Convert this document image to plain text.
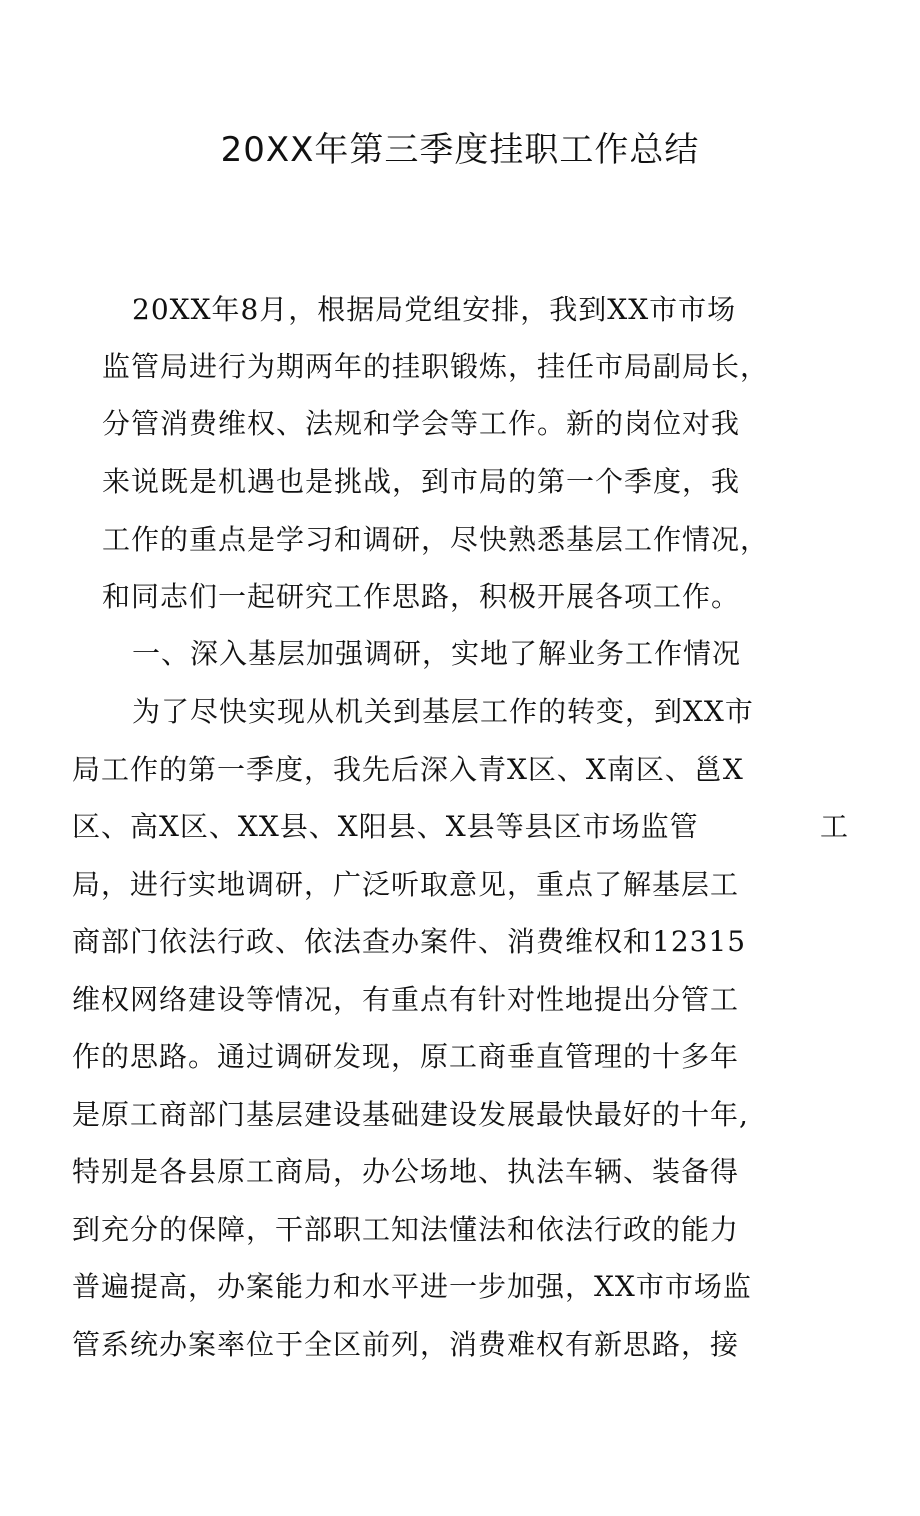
20XX年第三季度挂职工作总结
20XX年8月，根据局党组安排，我到XX市市场
监管局进行为期两年的挂职锻炼，挂任市局副局长，
分管消费维权、法规和学会等工作。新的岗位对我
来说既是机遇也是挑战，到市局的第一个季度，我
工作的重点是学习和调研，尽快熟悉基层工作情况，
和同志们一起研究工作思路，积极开展各项工作。
一、深入基层加强调研，实地了解业务工作情况
为了尽快实现从机关到基层工作的转变，到XX市
局工作的第一季度，我先后深入青X区、X南区、邕X
区、高X区、XX县、X阳县、X县等县区市场监管	工
局，进行实地调研，广泛听取意见，重点了解基层工
商部门依法行政、依法查办案件、消费维权和12315
维权网络建设等情况，有重点有针对性地提出分管工
作的思路。通过调研发现，原工商垂直管理的十多年
是原工商部门基层建设基础建设发展最快最好的十年,
特别是各县原工商局，办公场地、执法车辆、装备得
到充分的保障，干部职工知法懂法和依法行政的能力
普遍提高，办案能力和水平进一步加强，XX市市场监
管系统办案率位于全区前列，消费难权有新思路，接
